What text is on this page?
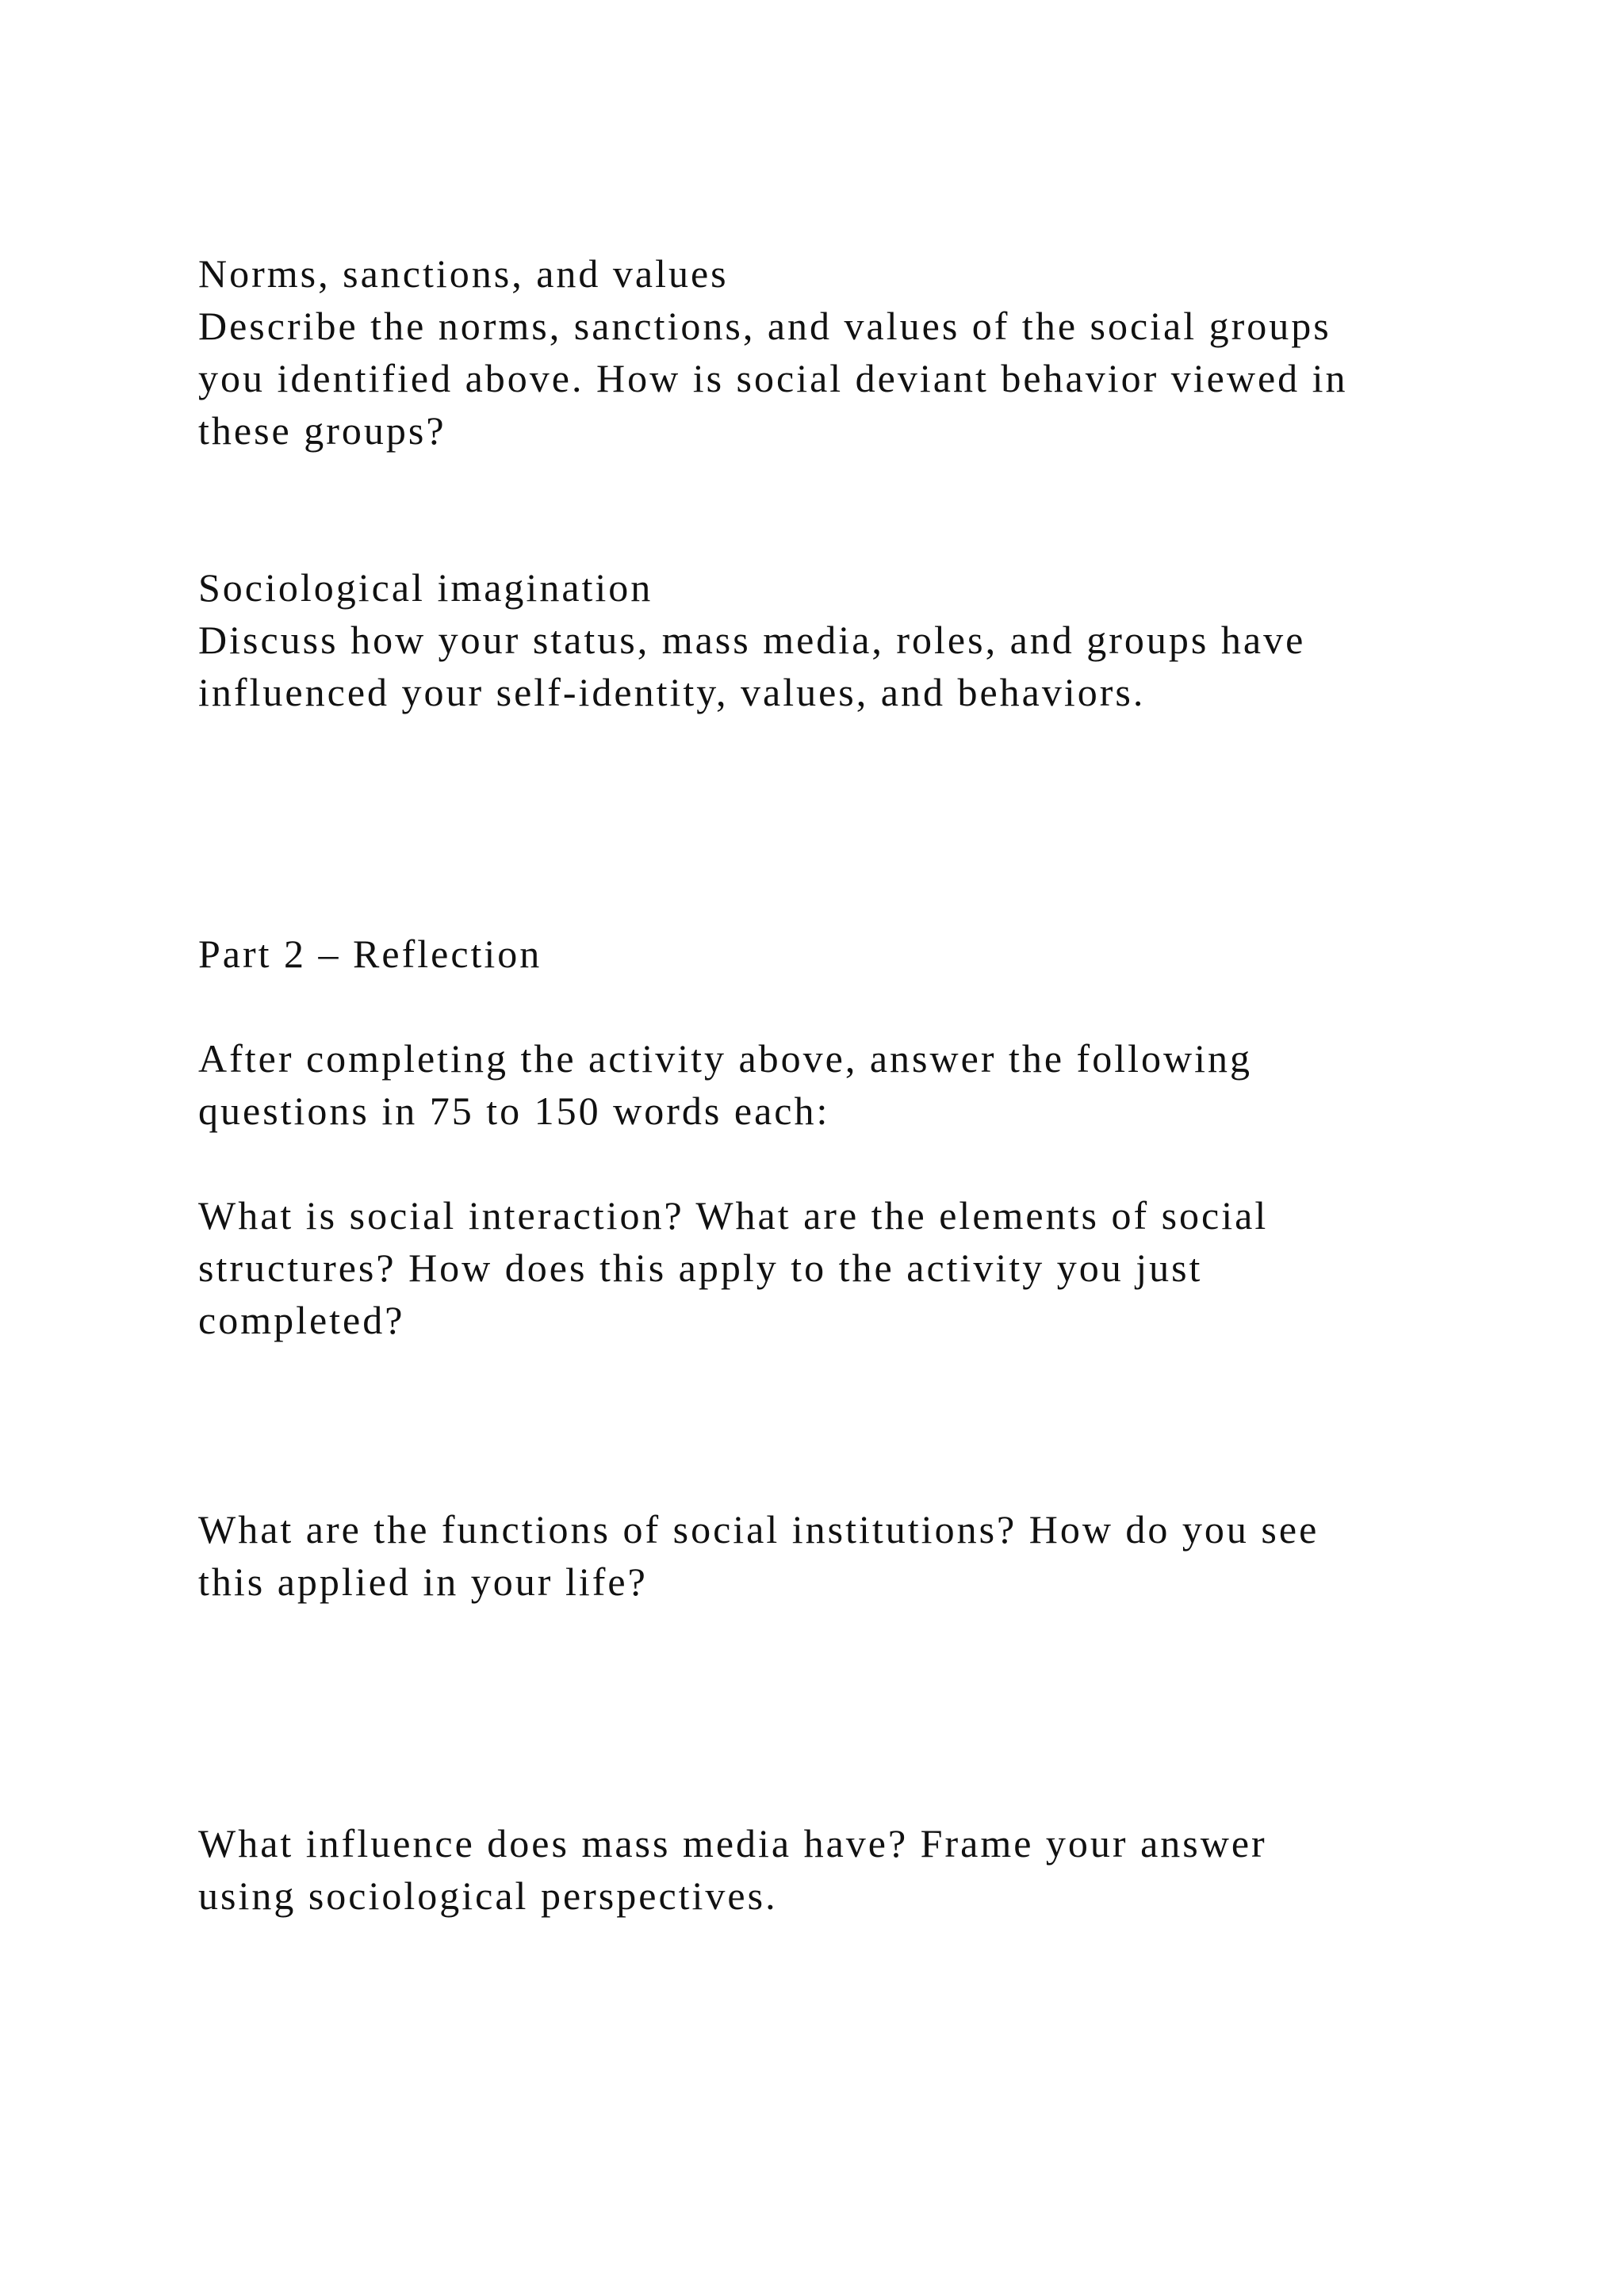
Norms, sanctions, and values

Describe the norms, sanctions, and values of the social groups

you identified above. How is social deviant behavior viewed in

these groups?

Sociological imagination

Discuss how your status, mass media, roles, and groups have

influenced your self-identity, values, and behaviors.

Part 2 – Reflection

After completing the activity above, answer the following

questions in 75 to 150 words each:

What is social interaction? What are the elements of social

structures? How does this apply to the activity you just

completed?

What are the functions of social institutions? How do you see

this applied in your life?

What influence does mass media have? Frame your answer

using sociological perspectives.
